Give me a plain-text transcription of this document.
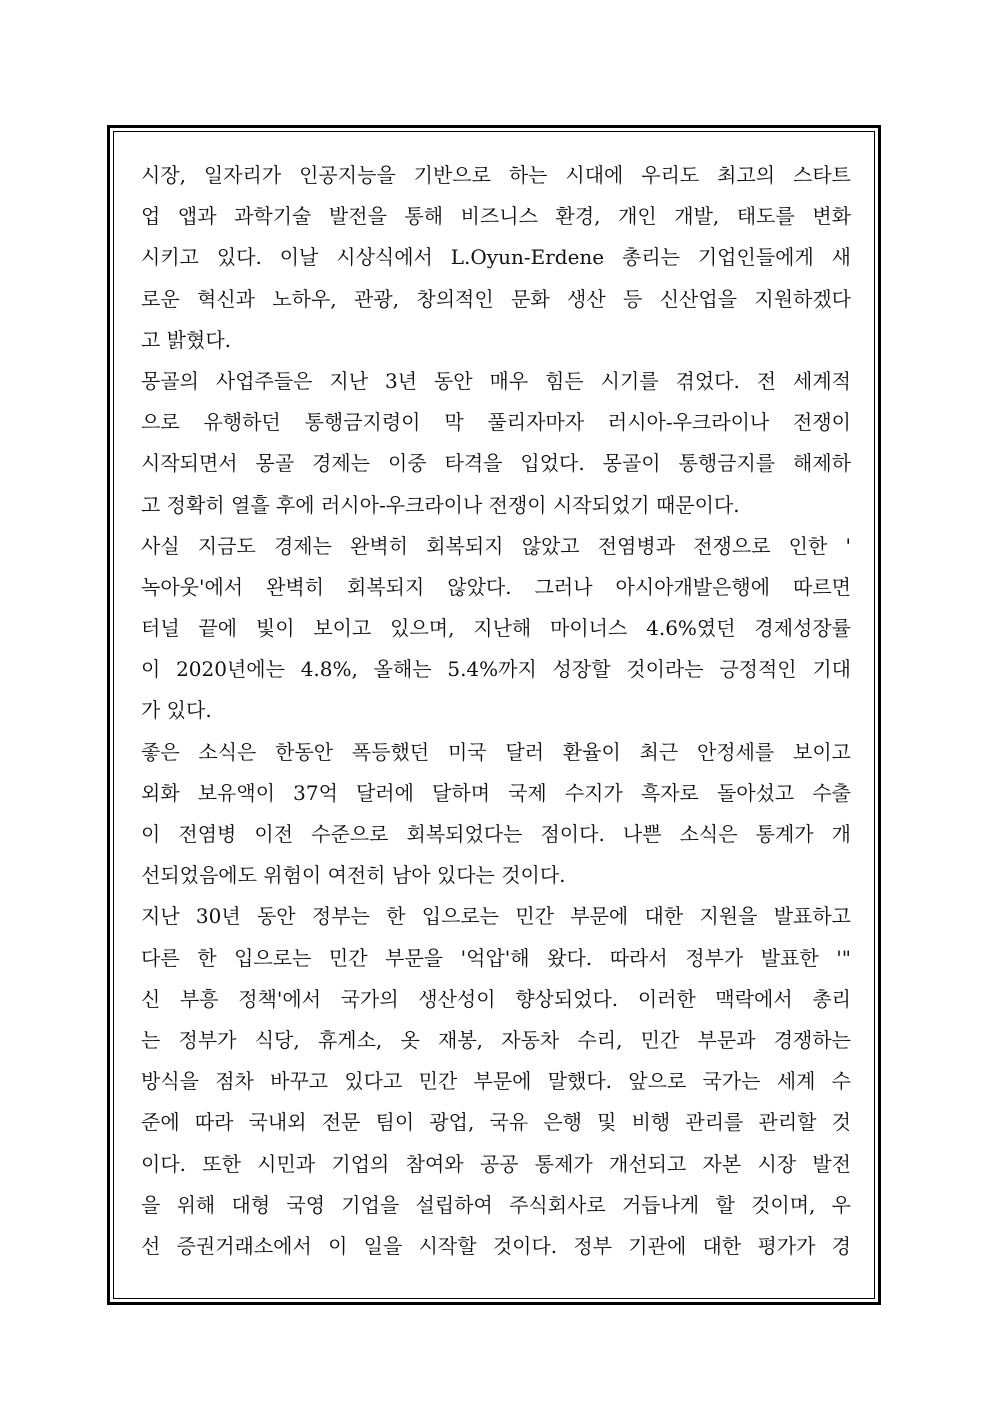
시장, 일자리가 인공지능을 기반으로 하는 시대에 우리도 최고의 스타트
업 앱과 과학기술 발전을 통해 비즈니스 환경, 개인 개발, 태도를 변화
시키고 있다. 이날 시상식에서 L.Oyun-Erdene 총리는 기업인들에게 새
로운 혁신과 노하우, 관광, 창의적인 문화 생산 등 신산업을 지원하겠다
고 밝혔다.
몽골의 사업주들은 지난 3년 동안 매우 힘든 시기를 겪었다. 전 세계적
으로 유행하던 통행금지령이 막 풀리자마자 러시아-우크라이나 전쟁이
시작되면서 몽골 경제는 이중 타격을 입었다. 몽골이 통행금지를 해제하
고 정확히 열흘 후에 러시아-우크라이나 전쟁이 시작되었기 때문이다.
사실 지금도 경제는 완벽히 회복되지 않았고 전염병과 전쟁으로 인한 '
녹아웃'에서 완벽히 회복되지 않았다. 그러나 아시아개발은행에 따르면
터널 끝에 빛이 보이고 있으며, 지난해 마이너스 4.6%였던 경제성장률
이 2020년에는 4.8%, 올해는 5.4%까지 성장할 것이라는 긍정적인 기대
가 있다.
좋은 소식은 한동안 폭등했던 미국 달러 환율이 최근 안정세를 보이고
외화 보유액이 37억 달러에 달하며 국제 수지가 흑자로 돌아섰고 수출
이 전염병 이전 수준으로 회복되었다는 점이다. 나쁜 소식은 통계가 개
선되었음에도 위험이 여전히 남아 있다는 것이다.
지난 30년 동안 정부는 한 입으로는 민간 부문에 대한 지원을 발표하고
다른 한 입으로는 민간 부문을 '억압'해 왔다. 따라서 정부가 발표한 '"
신 부흥 정책'에서 국가의 생산성이 향상되었다. 이러한 맥락에서 총리
는 정부가 식당, 휴게소, 옷 재봉, 자동차 수리, 민간 부문과 경쟁하는
방식을 점차 바꾸고 있다고 민간 부문에 말했다. 앞으로 국가는 세계 수
준에 따라 국내외 전문 팀이 광업, 국유 은행 및 비행 관리를 관리할 것
이다. 또한 시민과 기업의 참여와 공공 통제가 개선되고 자본 시장 발전
을 위해 대형 국영 기업을 설립하여 주식회사로 거듭나게 할 것이며, 우
선 증권거래소에서 이 일을 시작할 것이다. 정부 기관에 대한 평가가 경
